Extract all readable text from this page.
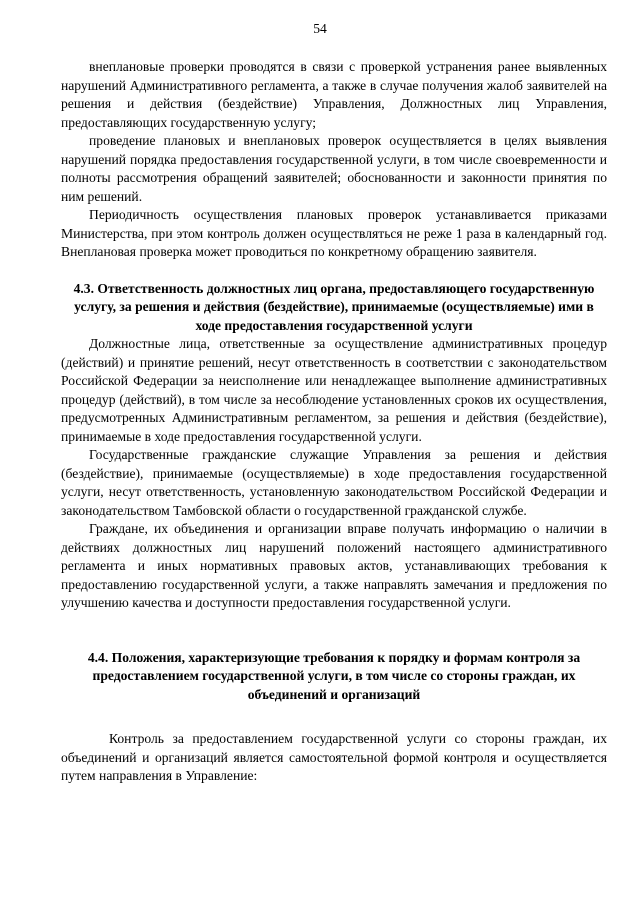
54

внеплановые проверки проводятся в связи с проверкой устранения ранее выявленных нарушений Административного регламента, а также в случае получения жалоб заявителей на решения и действия (бездействие) Управления, Должностных лиц Управления, предоставляющих государственную услугу;

проведение плановых и внеплановых проверок осуществляется в целях выявления нарушений порядка предоставления государственной услуги, в том числе своевременности и полноты рассмотрения обращений заявителей; обоснованности и законности принятия по ним решений.

Периодичность осуществления плановых проверок устанавливается приказами Министерства, при этом контроль должен осуществляться не реже 1 раза в календарный год. Внеплановая проверка может проводиться по конкретному обращению заявителя.

4.3. Ответственность должностных лиц органа, предоставляющего государственную услугу, за решения и действия (бездействие), принимаемые (осуществляемые) ими в ходе предоставления государственной услуги

Должностные лица, ответственные за осуществление административных процедур (действий) и принятие решений, несут ответственность в соответствии с законодательством Российской Федерации за неисполнение или ненадлежащее выполнение административных процедур (действий), в том числе за несоблюдение установленных сроков их осуществления, предусмотренных Административным регламентом, за решения и действия (бездействие), принимаемые в ходе предоставления государственной услуги.

Государственные гражданские служащие Управления за решения и действия (бездействие), принимаемые (осуществляемые) в ходе предоставления государственной услуги, несут ответственность, установленную законодательством Российской Федерации и законодательством Тамбовской области о государственной гражданской службе.

Граждане, их объединения и организации вправе получать информацию о наличии в действиях должностных лиц нарушений положений настоящего административного регламента и иных нормативных правовых актов, устанавливающих требования к предоставлению государственной услуги, а также направлять замечания и предложения по улучшению качества и доступности предоставления государственной услуги.

4.4. Положения, характеризующие требования к порядку и формам контроля за предоставлением государственной услуги, в том числе со стороны граждан, их объединений и организаций

Контроль за предоставлением государственной услуги со стороны граждан, их объединений и организаций является самостоятельной формой контроля и осуществляется путем направления в Управление:
